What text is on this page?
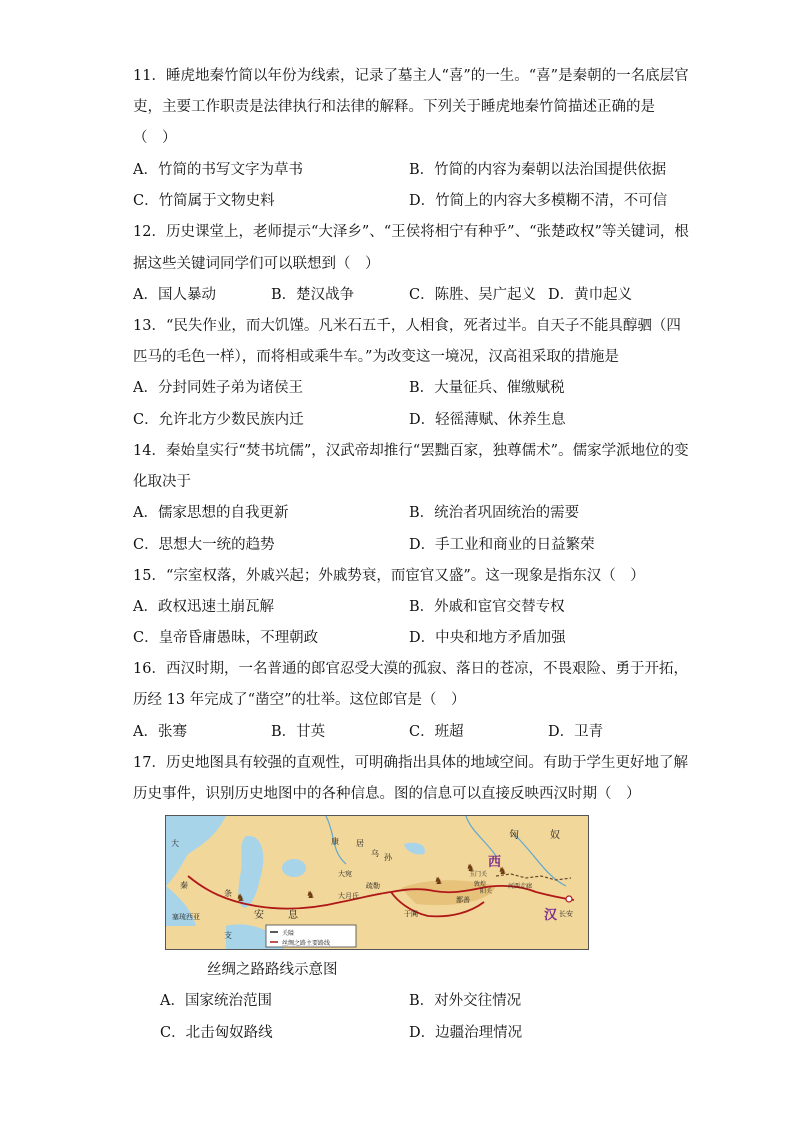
11．睡虎地秦竹简以年份为线索，记录了墓主人“喜”的一生。“喜”是秦朝的一名底层官
吏，主要工作职责是法律执行和法律的解释。下列关于睡虎地秦竹简描述正确的是
（　）
A．竹简的书写文字为草书	B．竹简的内容为秦朝以法治国提供依据
C．竹简属于文物史料	D．竹简上的内容大多模糊不清，不可信
12．历史课堂上，老师提示“大泽乡”、“王侯将相宁有种乎”、“张楚政权”等关键词，根
据这些关键词同学们可以联想到（　）
A．国人暴动	B．楚汉战争	C．陈胜、吴广起义 D．黄巾起义
13．“民失作业，而大饥馑。凡米石五千，人相食，死者过半。自天子不能具醇驷（四
匹马的毛色一样），而将相或乘牛车。”为改变这一境况，汉高祖采取的措施是
A．分封同姓子弟为诸侯王	B．大量征兵、催缴赋税
C．允许北方少数民族内迁	D．轻徭薄赋、休养生息
14．秦始皇实行“焚书坑儒”，汉武帝却推行“罢黜百家，独尊儒术”。儒家学派地位的变
化取决于
A．儒家思想的自我更新	B．统治者巩固统治的需要
C．思想大一统的趋势	D．手工业和商业的日益繁荣
15．“宗室权落，外戚兴起；外戚势衰，而宦官又盛”。这一现象是指东汉（　）
A．政权迅速土崩瓦解	B．外戚和宦官交替专权
C．皇帝昏庸愚昧，不理朝政	D．中央和地方矛盾加强
16．西汉时期，一名普通的郎官忍受大漠的孤寂、落日的苍凉，不畏艰险、勇于开拓，
历经 13 年完成了“凿空”的壮举。这位郎官是（　）
A．张骞	B．甘英	C．班超	D．卫青
17．历史地图具有较强的直观性，可明确指出具体的地域空间。有助于学生更好地了解
历史事件，识别历史地图中的各种信息。图的信息可以直接反映西汉时期（　）
♞	♞
♞
♞ ♞
匈	奴
西
汉
大
秦
条
支
康 居
乌 孙
大宛
疏勒
大月氏
安 息
塞琉西亚	于阗
鄯善
玉门关
敦煌
阳关
河西走廊
长安
关隘
丝绸之路主要路线
丝绸之路路线示意图
A．国家统治范围	B．对外交往情况
C．北击匈奴路线	D．边疆治理情况
